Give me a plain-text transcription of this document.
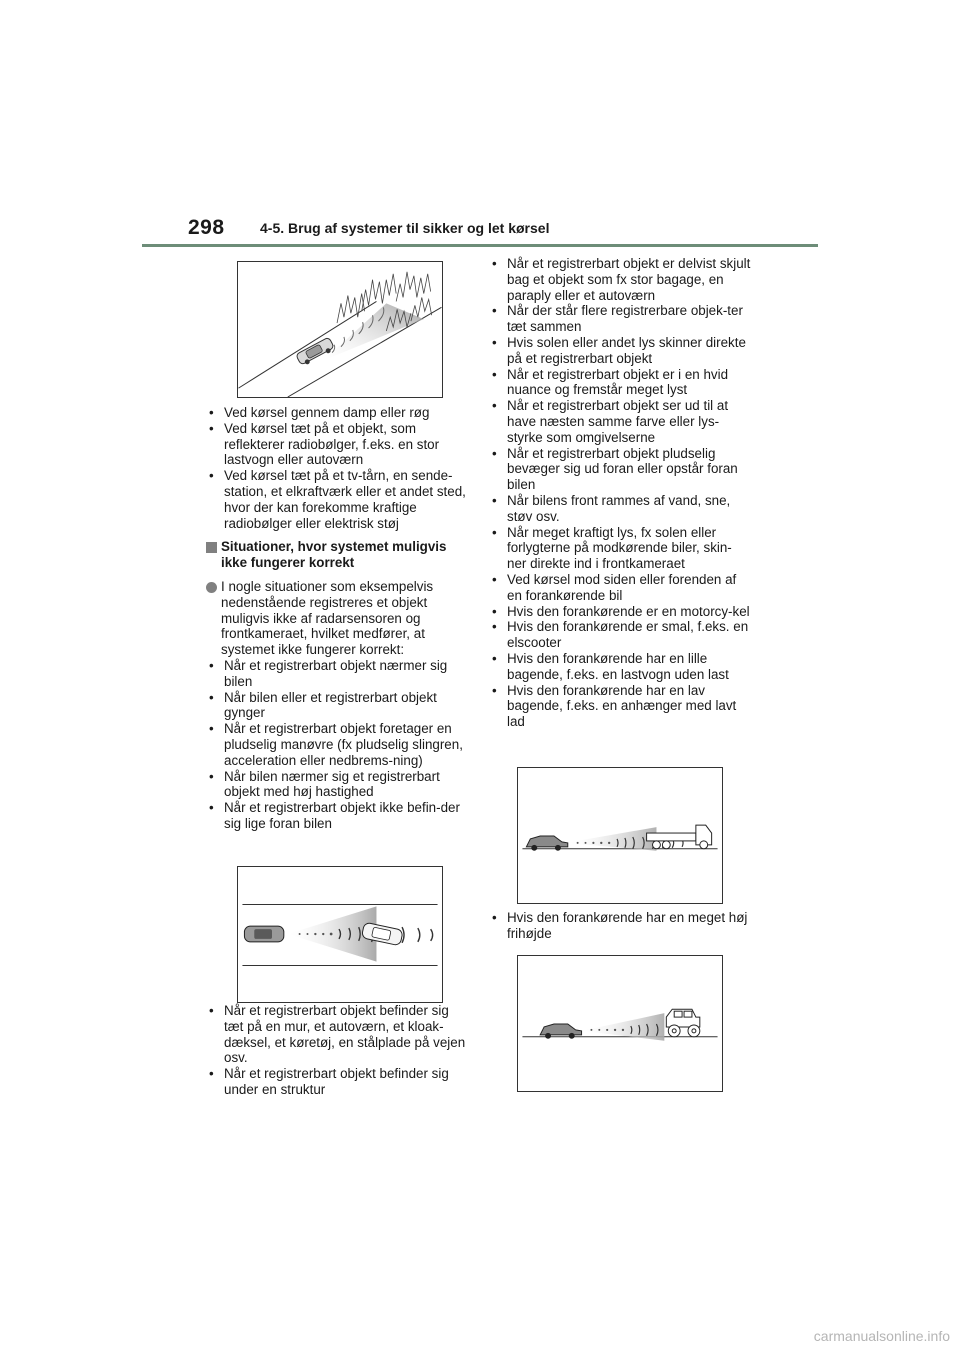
298	4-5. Brug af systemer til sikker og let kørsel
• Ved kørsel gennem damp eller røg
• Ved kørsel tæt på et objekt, som reflekterer radiobølger, f.eks. en stor lastvogn eller autoværn
• Ved kørsel tæt på et tv-tårn, en sende-station, et elkraftværk eller et andet sted, hvor der kan forekomme kraftige radiobølger eller elektrisk støj
Situationer, hvor systemet muligvis ikke fungerer korrekt
I nogle situationer som eksempelvis nedenstående registreres et objekt muligvis ikke af radarsensoren og frontkameraet, hvilket medfører, at systemet ikke fungerer korrekt:
• Når et registrerbart objekt nærmer sig bilen
• Når bilen eller et registrerbart objekt gynger
• Når et registrerbart objekt foretager en pludselig manøvre (fx pludselig slingren, acceleration eller nedbrems-ning)
• Når bilen nærmer sig et registrerbart objekt med høj hastighed
• Når et registrerbart objekt ikke befin-der sig lige foran bilen
• Når et registrerbart objekt befinder sig tæt på en mur, et autoværn, et kloak-dæksel, et køretøj, en stålplade på vejen osv.
• Når et registrerbart objekt befinder sig under en struktur
• Når et registrerbart objekt er delvist skjult bag et objekt som fx stor bagage, en paraply eller et autoværn
• Når der står flere registrerbare objek-ter tæt sammen
• Hvis solen eller andet lys skinner direkte på et registrerbart objekt
• Når et registrerbart objekt er i en hvid nuance og fremstår meget lyst
• Når et registrerbart objekt ser ud til at have næsten samme farve eller lys-styrke som omgivelserne
• Når et registrerbart objekt pludselig bevæger sig ud foran eller opstår foran bilen
• Når bilens front rammes af vand, sne, støv osv.
• Når meget kraftigt lys, fx solen eller forlygterne på modkørende biler, skin-ner direkte ind i frontkameraet
• Ved kørsel mod siden eller forenden af en forankørende bil
• Hvis den forankørende er en motorcy-kel
• Hvis den forankørende er smal, f.eks. en elscooter
• Hvis den forankørende har en lille bagende, f.eks. en lastvogn uden last
• Hvis den forankørende har en lav bagende, f.eks. en anhænger med lavt lad
• Hvis den forankørende har en meget høj frihøjde
carmanualsonline.info
